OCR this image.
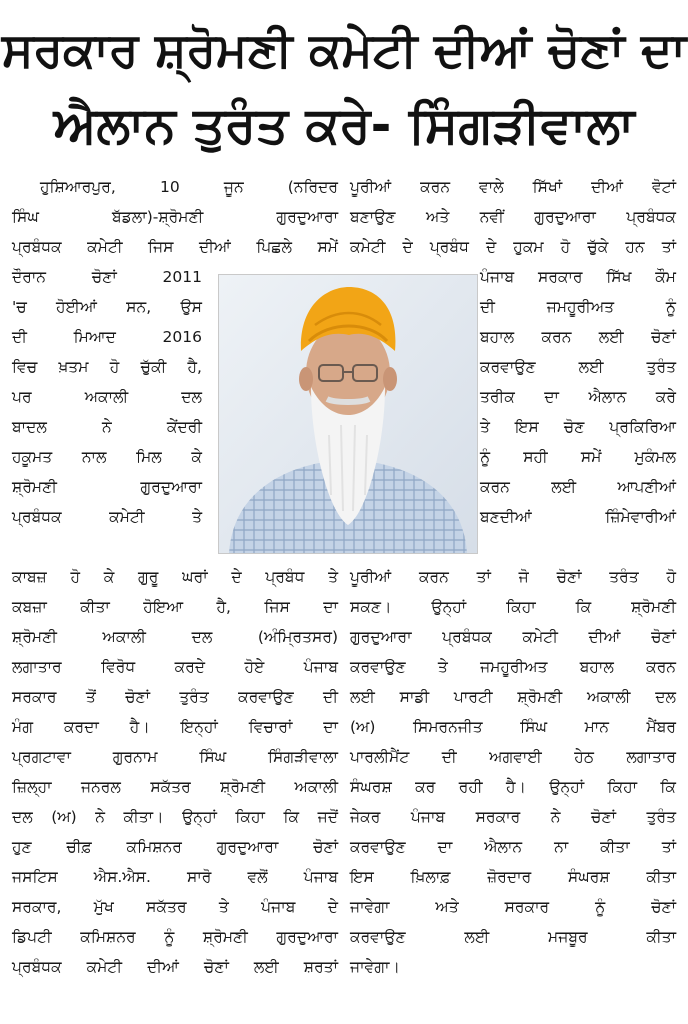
ਸਰਕਾਰ ਸ਼੍ਰੋਮਣੀ ਕਮੇਟੀ ਦੀਆਂ ਚੋਣਾਂ ਦਾ
ਐਲਾਨ ਤੁਰੰਤ ਕਰੇ- ਸਿੰਗੜੀਵਾਲਾ
ਹੁਸ਼ਿਆਰਪੁਰ, 10 ਜੂਨ (ਨਰਿਦਰ
ਸਿੰਘ ਬੱਡਲਾ)-ਸ਼੍ਰੋਮਣੀ ਗੁਰਦੁਆਰਾ
ਪ੍ਰਬੰਧਕ ਕਮੇਟੀ ਜਿਸ ਦੀਆਂ ਪਿਛਲੇ ਸਮੇਂ
ਦੌਰਾਨ ਚੋਣਾਂ 2011
'ਚ ਹੋਈਆਂ ਸਨ, ਉਸ
ਦੀ ਮਿਆਦ 2016
ਵਿਚ ਖ਼ਤਮ ਹੋ ਚੁੱਕੀ ਹੈ,
ਪਰ ਅਕਾਲੀ ਦਲ
ਬਾਦਲ ਨੇ ਕੇਂਦਰੀ
ਹਕੂਮਤ ਨਾਲ ਮਿਲ ਕੇ
ਸ਼੍ਰੋਮਣੀ ਗੁਰਦੁਆਰਾ
ਪ੍ਰਬੰਧਕ ਕਮੇਟੀ ਤੇ
ਕਾਬਜ਼ ਹੋ ਕੇ ਗੁਰੂ ਘਰਾਂ ਦੇ ਪ੍ਰਬੰਧ ਤੇ
ਕਬਜ਼ਾ ਕੀਤਾ ਹੋਇਆ ਹੈ, ਜਿਸ ਦਾ
ਸ਼੍ਰੋਮਣੀ ਅਕਾਲੀ ਦਲ (ਅੰਮ੍ਰਿਤਸਰ)
ਲਗਾਤਾਰ ਵਿਰੋਧ ਕਰਦੇ ਹੋਏ ਪੰਜਾਬ
ਸਰਕਾਰ ਤੋਂ ਚੋਣਾਂ ਤੁਰੰਤ ਕਰਵਾਉਣ ਦੀ
ਮੰਗ ਕਰਦਾ ਹੈ। ਇਨ੍ਹਾਂ ਵਿਚਾਰਾਂ ਦਾ
ਪ੍ਰਗਟਾਵਾ ਗੁਰਨਾਮ ਸਿੰਘ ਸਿੰਗੜੀਵਾਲਾ
ਜ਼ਿਲ੍ਹਾ ਜਨਰਲ ਸਕੱਤਰ ਸ਼੍ਰੋਮਣੀ ਅਕਾਲੀ
ਦਲ (ਅ) ਨੇ ਕੀਤਾ। ਉਨ੍ਹਾਂ ਕਿਹਾ ਕਿ ਜਦੋਂ
ਹੁਣ ਚੀਫ਼ ਕਮਿਸ਼ਨਰ ਗੁਰਦੁਆਰਾ ਚੋਣਾਂ
ਜਸਟਿਸ ਐਸ.ਐਸ. ਸਾਰੋ ਵਲੋਂ ਪੰਜਾਬ
ਸਰਕਾਰ, ਮੁੱਖ ਸਕੱਤਰ ਤੇ ਪੰਜਾਬ ਦੇ
ਡਿਪਟੀ ਕਮਿਸ਼ਨਰ ਨੂੰ ਸ਼੍ਰੋਮਣੀ ਗੁਰਦੁਆਰਾ
ਪ੍ਰਬੰਧਕ ਕਮੇਟੀ ਦੀਆਂ ਚੋਣਾਂ ਲਈ ਸ਼ਰਤਾਂ
ਪੂਰੀਆਂ ਕਰਨ ਵਾਲੇ ਸਿੱਖਾਂ ਦੀਆਂ ਵੋਟਾਂ
ਬਣਾਉਣ ਅਤੇ ਨਵੀਂ ਗੁਰਦੁਆਰਾ ਪ੍ਰਬੰਧਕ
ਕਮੇਟੀ ਦੇ ਪ੍ਰਬੰਧ ਦੇ ਹੁਕਮ ਹੋ ਚੁੱਕੇ ਹਨ ਤਾਂ
ਪੰਜਾਬ ਸਰਕਾਰ ਸਿੱਖ ਕੌਮ
ਦੀ ਜਮਹੂਰੀਅਤ ਨੂੰ
ਬਹਾਲ ਕਰਨ ਲਈ ਚੋਣਾਂ
ਕਰਵਾਉਣ ਲਈ ਤੁਰੰਤ
ਤਰੀਕ ਦਾ ਐਲਾਨ ਕਰੇ
ਤੇ ਇਸ ਚੋਣ ਪ੍ਰਕਿਰਿਆ
ਨੂੰ ਸਹੀ ਸਮੇਂ ਮੁਕੰਮਲ
ਕਰਨ ਲਈ ਆਪਣੀਆਂ
ਬਣਦੀਆਂ ਜ਼ਿੰਮੇਵਾਰੀਆਂ
ਪੂਰੀਆਂ ਕਰਨ ਤਾਂ ਜੋ ਚੋਣਾਂ ਤਰੰਤ ਹੋ
ਸਕਣ। ਉਨ੍ਹਾਂ ਕਿਹਾ ਕਿ ਸ਼੍ਰੋਮਣੀ
ਗੁਰਦੁਆਰਾ ਪ੍ਰਬੰਧਕ ਕਮੇਟੀ ਦੀਆਂ ਚੋਣਾਂ
ਕਰਵਾਉਣ ਤੇ ਜਮਹੂਰੀਅਤ ਬਹਾਲ ਕਰਨ
ਲਈ ਸਾਡੀ ਪਾਰਟੀ ਸ਼੍ਰੋਮਣੀ ਅਕਾਲੀ ਦਲ
(ਅ) ਸਿਮਰਨਜੀਤ ਸਿੰਘ ਮਾਨ ਮੈਂਬਰ
ਪਾਰਲੀਮੈਂਟ ਦੀ ਅਗਵਾਈ ਹੇਠ ਲਗਾਤਾਰ
ਸੰਘਰਸ਼ ਕਰ ਰਹੀ ਹੈ। ਉਨ੍ਹਾਂ ਕਿਹਾ ਕਿ
ਜੇਕਰ ਪੰਜਾਬ ਸਰਕਾਰ ਨੇ ਚੋਣਾਂ ਤੁਰੰਤ
ਕਰਵਾਉਣ ਦਾ ਐਲਾਨ ਨਾ ਕੀਤਾ ਤਾਂ
ਇਸ ਖ਼ਿਲਾਫ਼ ਜ਼ੋਰਦਾਰ ਸੰਘਰਸ਼ ਕੀਤਾ
ਜਾਵੇਗਾ ਅਤੇ ਸਰਕਾਰ ਨੂੰ ਚੋਣਾਂ
ਕਰਵਾਉਣ ਲਈ ਮਜਬੂਰ ਕੀਤਾ
ਜਾਵੇਗਾ।
